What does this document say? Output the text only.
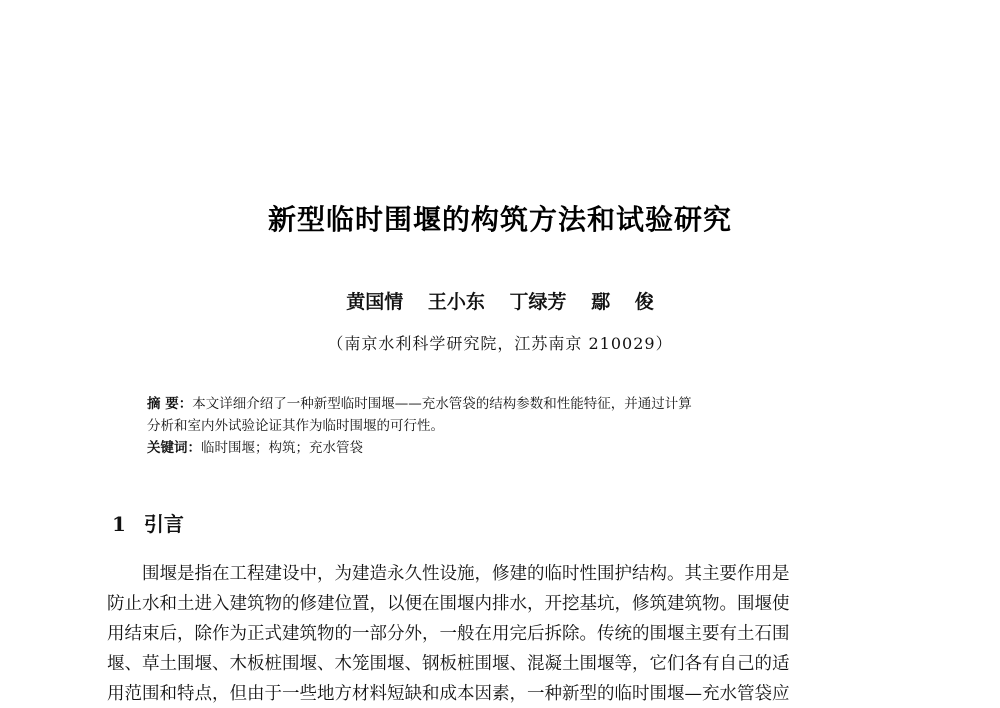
新型临时围堰的构筑方法和试验研究
黄国情 王小东 丁绿芳 鄢 俊
（南京水利科学研究院，江苏南京 210029）
摘 要：本文详细介绍了一种新型临时围堰——充水管袋的结构参数和性能特征，并通过计算
分析和室内外试验论证其作为临时围堰的可行性。
关键词：临时围堰；构筑；充水管袋
1 引言
　　围堰是指在工程建设中，为建造永久性设施，修建的临时性围护结构。其主要作用是
防止水和土进入建筑物的修建位置，以便在围堰内排水，开挖基坑，修筑建筑物。围堰使
用结束后，除作为正式建筑物的一部分外，一般在用完后拆除。传统的围堰主要有土石围
堰、草土围堰、木板桩围堰、木笼围堰、钢板桩围堰、混凝土围堰等，它们各有自己的适
用范围和特点，但由于一些地方材料短缺和成本因素，一种新型的临时围堰—充水管袋应
